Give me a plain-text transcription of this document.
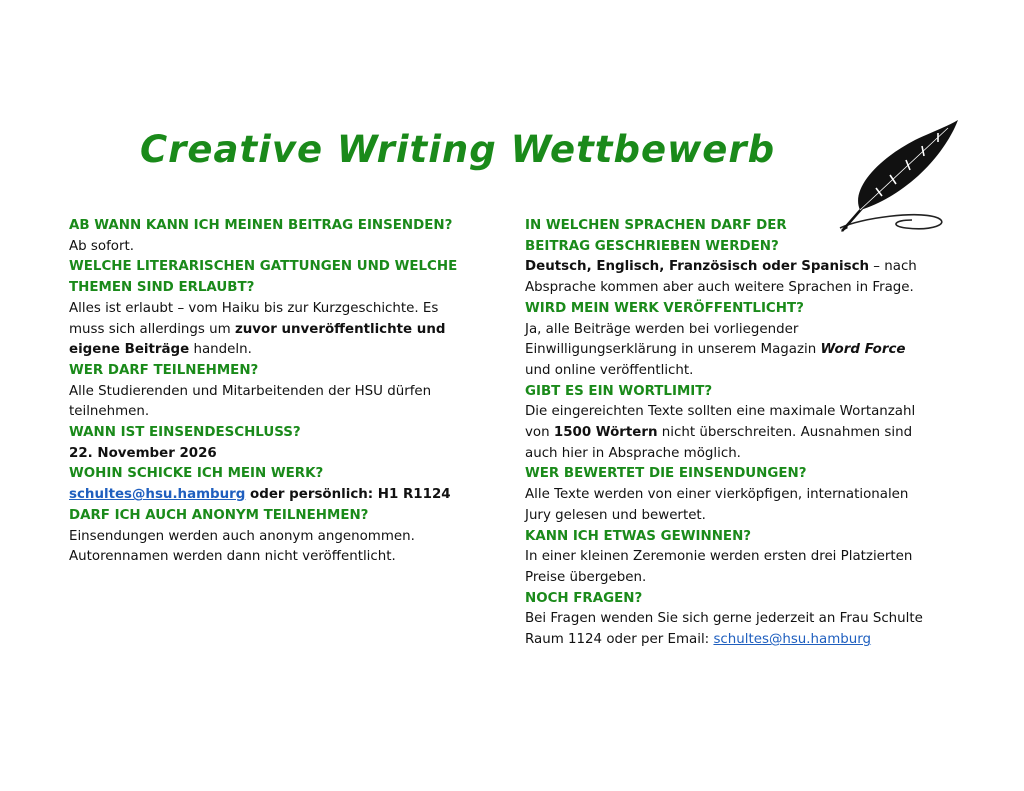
Creative Writing Wettbewerb
AB WANN KANN ICH MEINEN BEITRAG EINSENDEN?
Ab sofort.
WELCHE LITERARISCHEN GATTUNGEN UND WELCHE
THEMEN SIND ERLAUBT?
Alles ist erlaubt – vom Haiku bis zur Kurzgeschichte. Es
muss sich allerdings um zuvor unveröffentlichte und
eigene Beiträge handeln.
WER DARF TEILNEHMEN?
Alle Studierenden und Mitarbeitenden der HSU dürfen
teilnehmen.
WANN IST EINSENDESCHLUSS?
22. November 2026
WOHIN SCHICKE ICH MEIN WERK?
schultes@hsu.hamburg oder persönlich: H1 R1124
DARF ICH AUCH ANONYM TEILNEHMEN?
Einsendungen werden auch anonym angenommen.
Autorennamen werden dann nicht veröffentlicht.
IN WELCHEN SPRACHEN DARF DER
BEITRAG GESCHRIEBEN WERDEN?
Deutsch, Englisch, Französisch oder Spanisch – nach
Absprache kommen aber auch weitere Sprachen in Frage.
WIRD MEIN WERK VERÖFFENTLICHT?
Ja, alle Beiträge werden bei vorliegender
Einwilligungserklärung in unserem Magazin Word Force
und online veröffentlicht.
GIBT ES EIN WORTLIMIT?
Die eingereichten Texte sollten eine maximale Wortanzahl
von 1500 Wörtern nicht überschreiten. Ausnahmen sind
auch hier in Absprache möglich.
WER BEWERTET DIE EINSENDUNGEN?
Alle Texte werden von einer vierköpfigen, internationalen
Jury gelesen und bewertet.
KANN ICH ETWAS GEWINNEN?
In einer kleinen Zeremonie werden ersten drei Platzierten
Preise übergeben.
NOCH FRAGEN?
Bei Fragen wenden Sie sich gerne jederzeit an Frau Schulte
Raum 1124 oder per Email: schultes@hsu.hamburg
